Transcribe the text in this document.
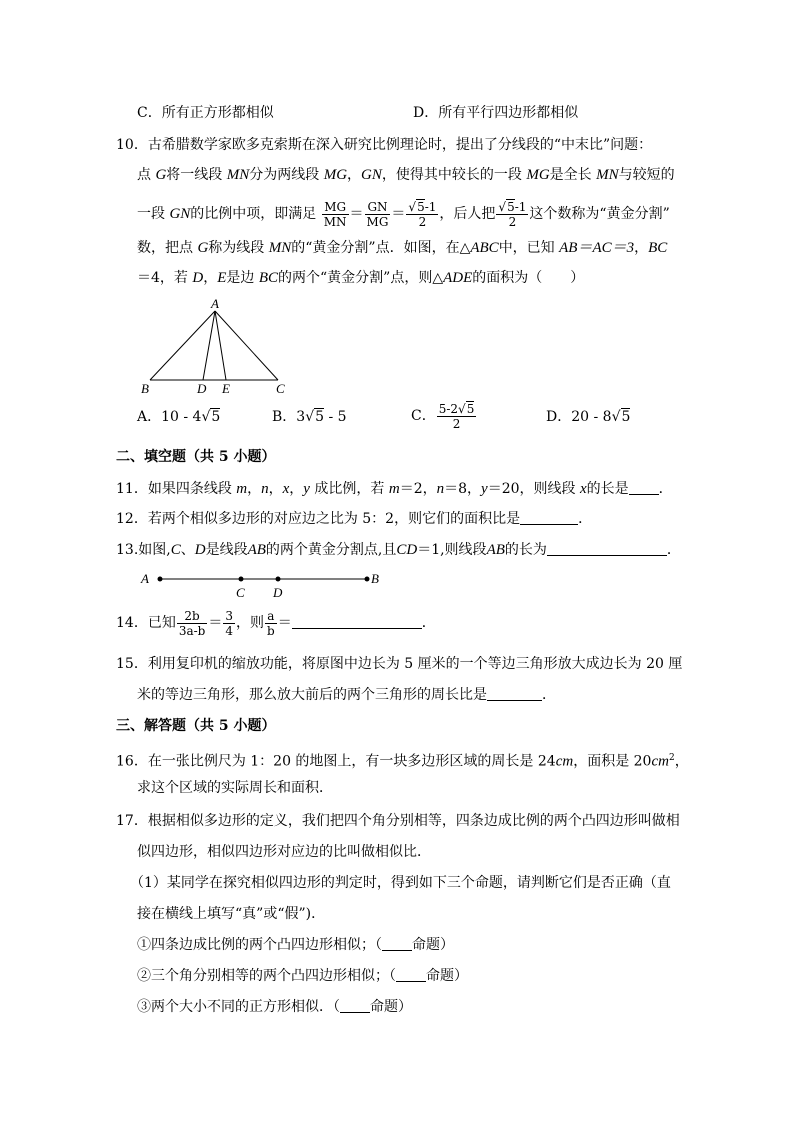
C．所有正方形都相似	D．所有平行四边形都相似
10．古希腊数学家欧多克索斯在深入研究比例理论时，提出了分线段的“中末比”问题：
点 G将一线段 MN分为两线段 MG，GN，使得其中较长的一段 MG是全长 MN与较短的
一段 GN的比例中项，即满足 $\frac{MG}{MN} = \frac{GN}{MG} = \frac{√5-1}{2}$ ，后人把 $\frac{√5-1}{2}$ 这个数称为“黄金分割”
数，把点 G称为线段 MN的“黄金分割”点．如图，在△ABC中，已知 AB＝AC＝3，BC
＝4，若 D，E是边 BC的两个“黄金分割”点，则△ADE的面积为（　　）
A
B	D E	C
A．10 - 4√5	B．3√5 - 5	C． $\frac{5-2√5}{2}$	D．20 - 8√5
二、填空题（共 5 小题）
11．如果四条线段 m，n，x，y 成比例，若 m＝2，n＝8，y＝20，则线段 x的长是 ．
12．若两个相似多边形的对应边之比为 5：2，则它们的面积比是	．
13.如图,C、D是线段AB的两个黄金分割点,且CD＝1,则线段AB的长为	．
A	B
C D
14．已知 $\frac{2b}{3a-b} = \frac{3}{4}$ ，则 $\frac{a}{b}$ ＝	．
15．利用复印机的缩放功能，将原图中边长为 5 厘米的一个等边三角形放大成边长为 20 厘
米的等边三角形，那么放大前后的两个三角形的周长比是	．
三、解答题（共 5 小题）
16．在一张比例尺为 1：20 的地图上，有一块多边形区域的周长是 24cm，面积是 $20cm^2$，
求这个区域的实际周长和面积．
17．根据相似多边形的定义，我们把四个角分别相等，四条边成比例的两个凸四边形叫做相
似四边形，相似四边形对应边的比叫做相似比．
（1）某同学在探究相似四边形的判定时，得到如下三个命题，请判断它们是否正确（直
接在横线上填写“真”或“假”)．
①四条边成比例的两个凸四边形相似；（ 命题）
②三个角分别相等的两个凸四边形相似；（ 命题）
③两个大小不同的正方形相似．（ 命题）
